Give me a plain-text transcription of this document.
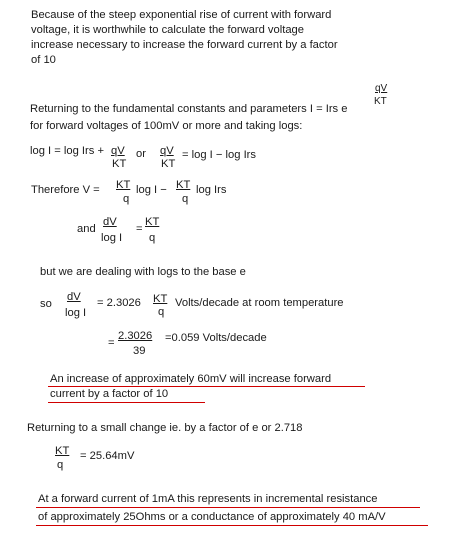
Because of the steep exponential rise of current with forward
voltage, it is worthwhile to calculate the forward voltage
increase necessary to increase the forward current by a factor
of 10
qV
KT
Returning to the fundamental constants and parameters I = Irs e
for forward voltages of 100mV or more and taking logs:
log I = log Irs + qV
KT
or qV
KT
= log I − log Irs
Therefore V = KT
q
log I − KT
q
log Irs
and
dV
log I
=
KT
q
but we are dealing with logs to the base e
so
dV
log I
= 2.3026 KT
q
Volts/decade at room temperature
=
2.3026
39
=0.059 Volts/decade
An increase of approximately 60mV will increase forward
current by a factor of 10
Returning to a small change ie. by a factor of e or 2.718
KT
q
= 25.64mV
At a forward current of 1mA this represents in incremental resistance
of approximately 25Ohms or a conductance of approximately 40 mA/V
